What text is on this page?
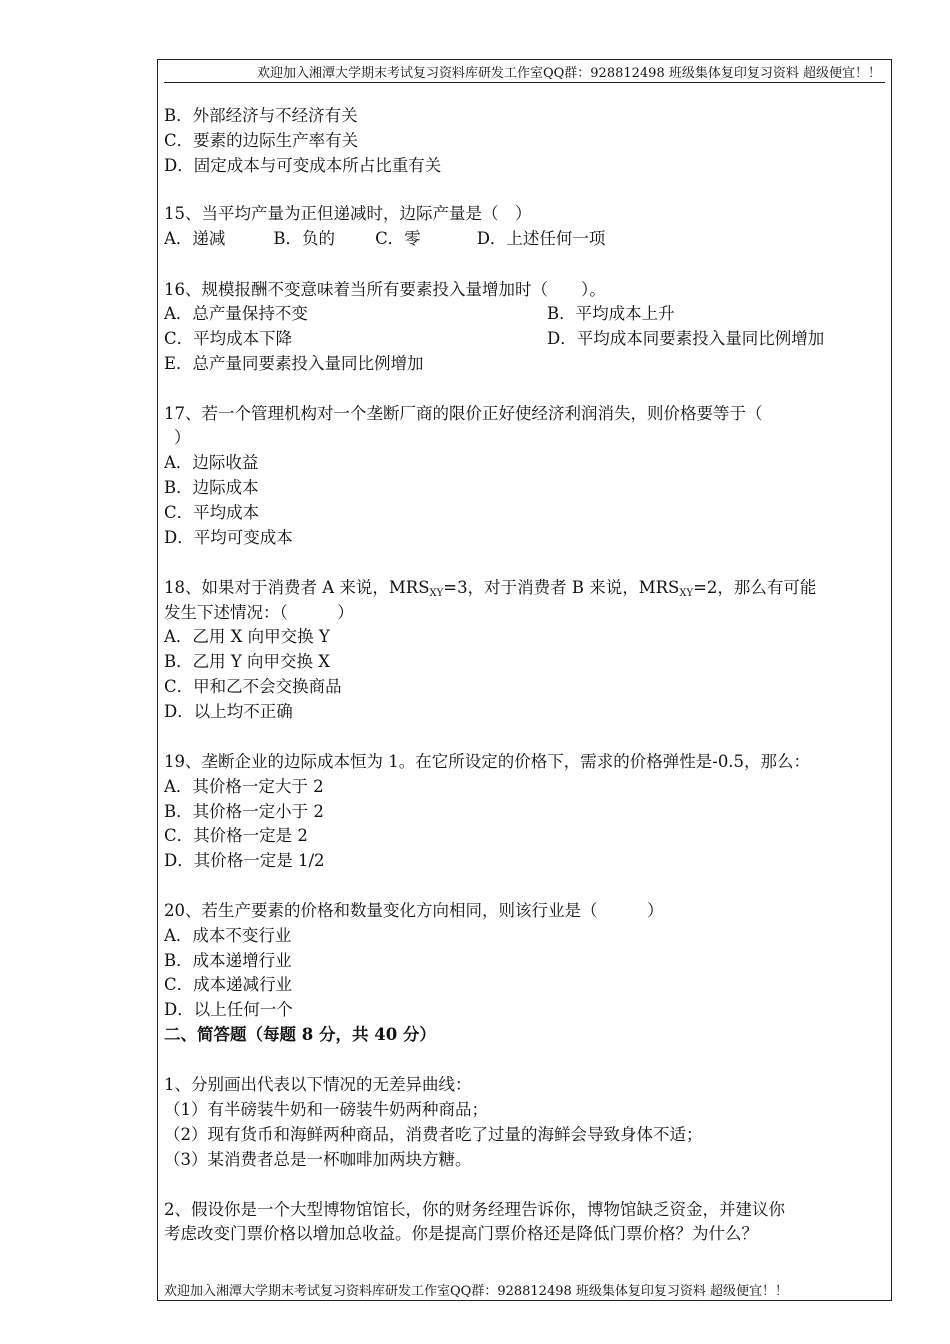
欢迎加入湘潭大学期末考试复习资料库研发工作室QQ群：928812498 班级集体复印复习资料 超级便宜！！
B．外部经济与不经济有关
C．要素的边际生产率有关
D．固定成本与可变成本所占比重有关
15、当平均产量为正但递减时，边际产量是（　）
A．递减	B．负的 C．零	D．上述任何一项
16、规模报酬不变意味着当所有要素投入量增加时（　　）。
A．总产量保持不变	B．平均成本上升
C．平均成本下降	D．平均成本同要素投入量同比例增加
E．总产量同要素投入量同比例增加
17、若一个管理机构对一个垄断厂商的限价正好使经济利润消失，则价格要等于（
）
A．边际收益
B．边际成本
C．平均成本
D．平均可变成本
18、如果对于消费者 A 来说，$MRS_{XY}=3$，对于消费者 B 来说，$MRS_{XY}=2$，那么有可能
发生下述情况：（　　　）
A．乙用 X 向甲交换 Y
B．乙用 Y 向甲交换 X
C．甲和乙不会交换商品
D．以上均不正确
19、垄断企业的边际成本恒为 1。在它所设定的价格下，需求的价格弹性是-0.5，那么：
A．其价格一定大于 2
B．其价格一定小于 2
C．其价格一定是 2
D．其价格一定是 1/2
20、若生产要素的价格和数量变化方向相同，则该行业是（　　　）
A．成本不变行业
B．成本递增行业
C．成本递减行业
D．以上任何一个
二、简答题（每题 8 分，共 40 分）
1、分别画出代表以下情况的无差异曲线：
（1）有半磅装牛奶和一磅装牛奶两种商品；
（2）现有货币和海鲜两种商品，消费者吃了过量的海鲜会导致身体不适；
（3）某消费者总是一杯咖啡加两块方糖。
2、假设你是一个大型博物馆馆长，你的财务经理告诉你，博物馆缺乏资金，并建议你
考虑改变门票价格以增加总收益。你是提高门票价格还是降低门票价格？为什么？
欢迎加入湘潭大学期末考试复习资料库研发工作室QQ群：928812498 班级集体复印复习资料 超级便宜！！
